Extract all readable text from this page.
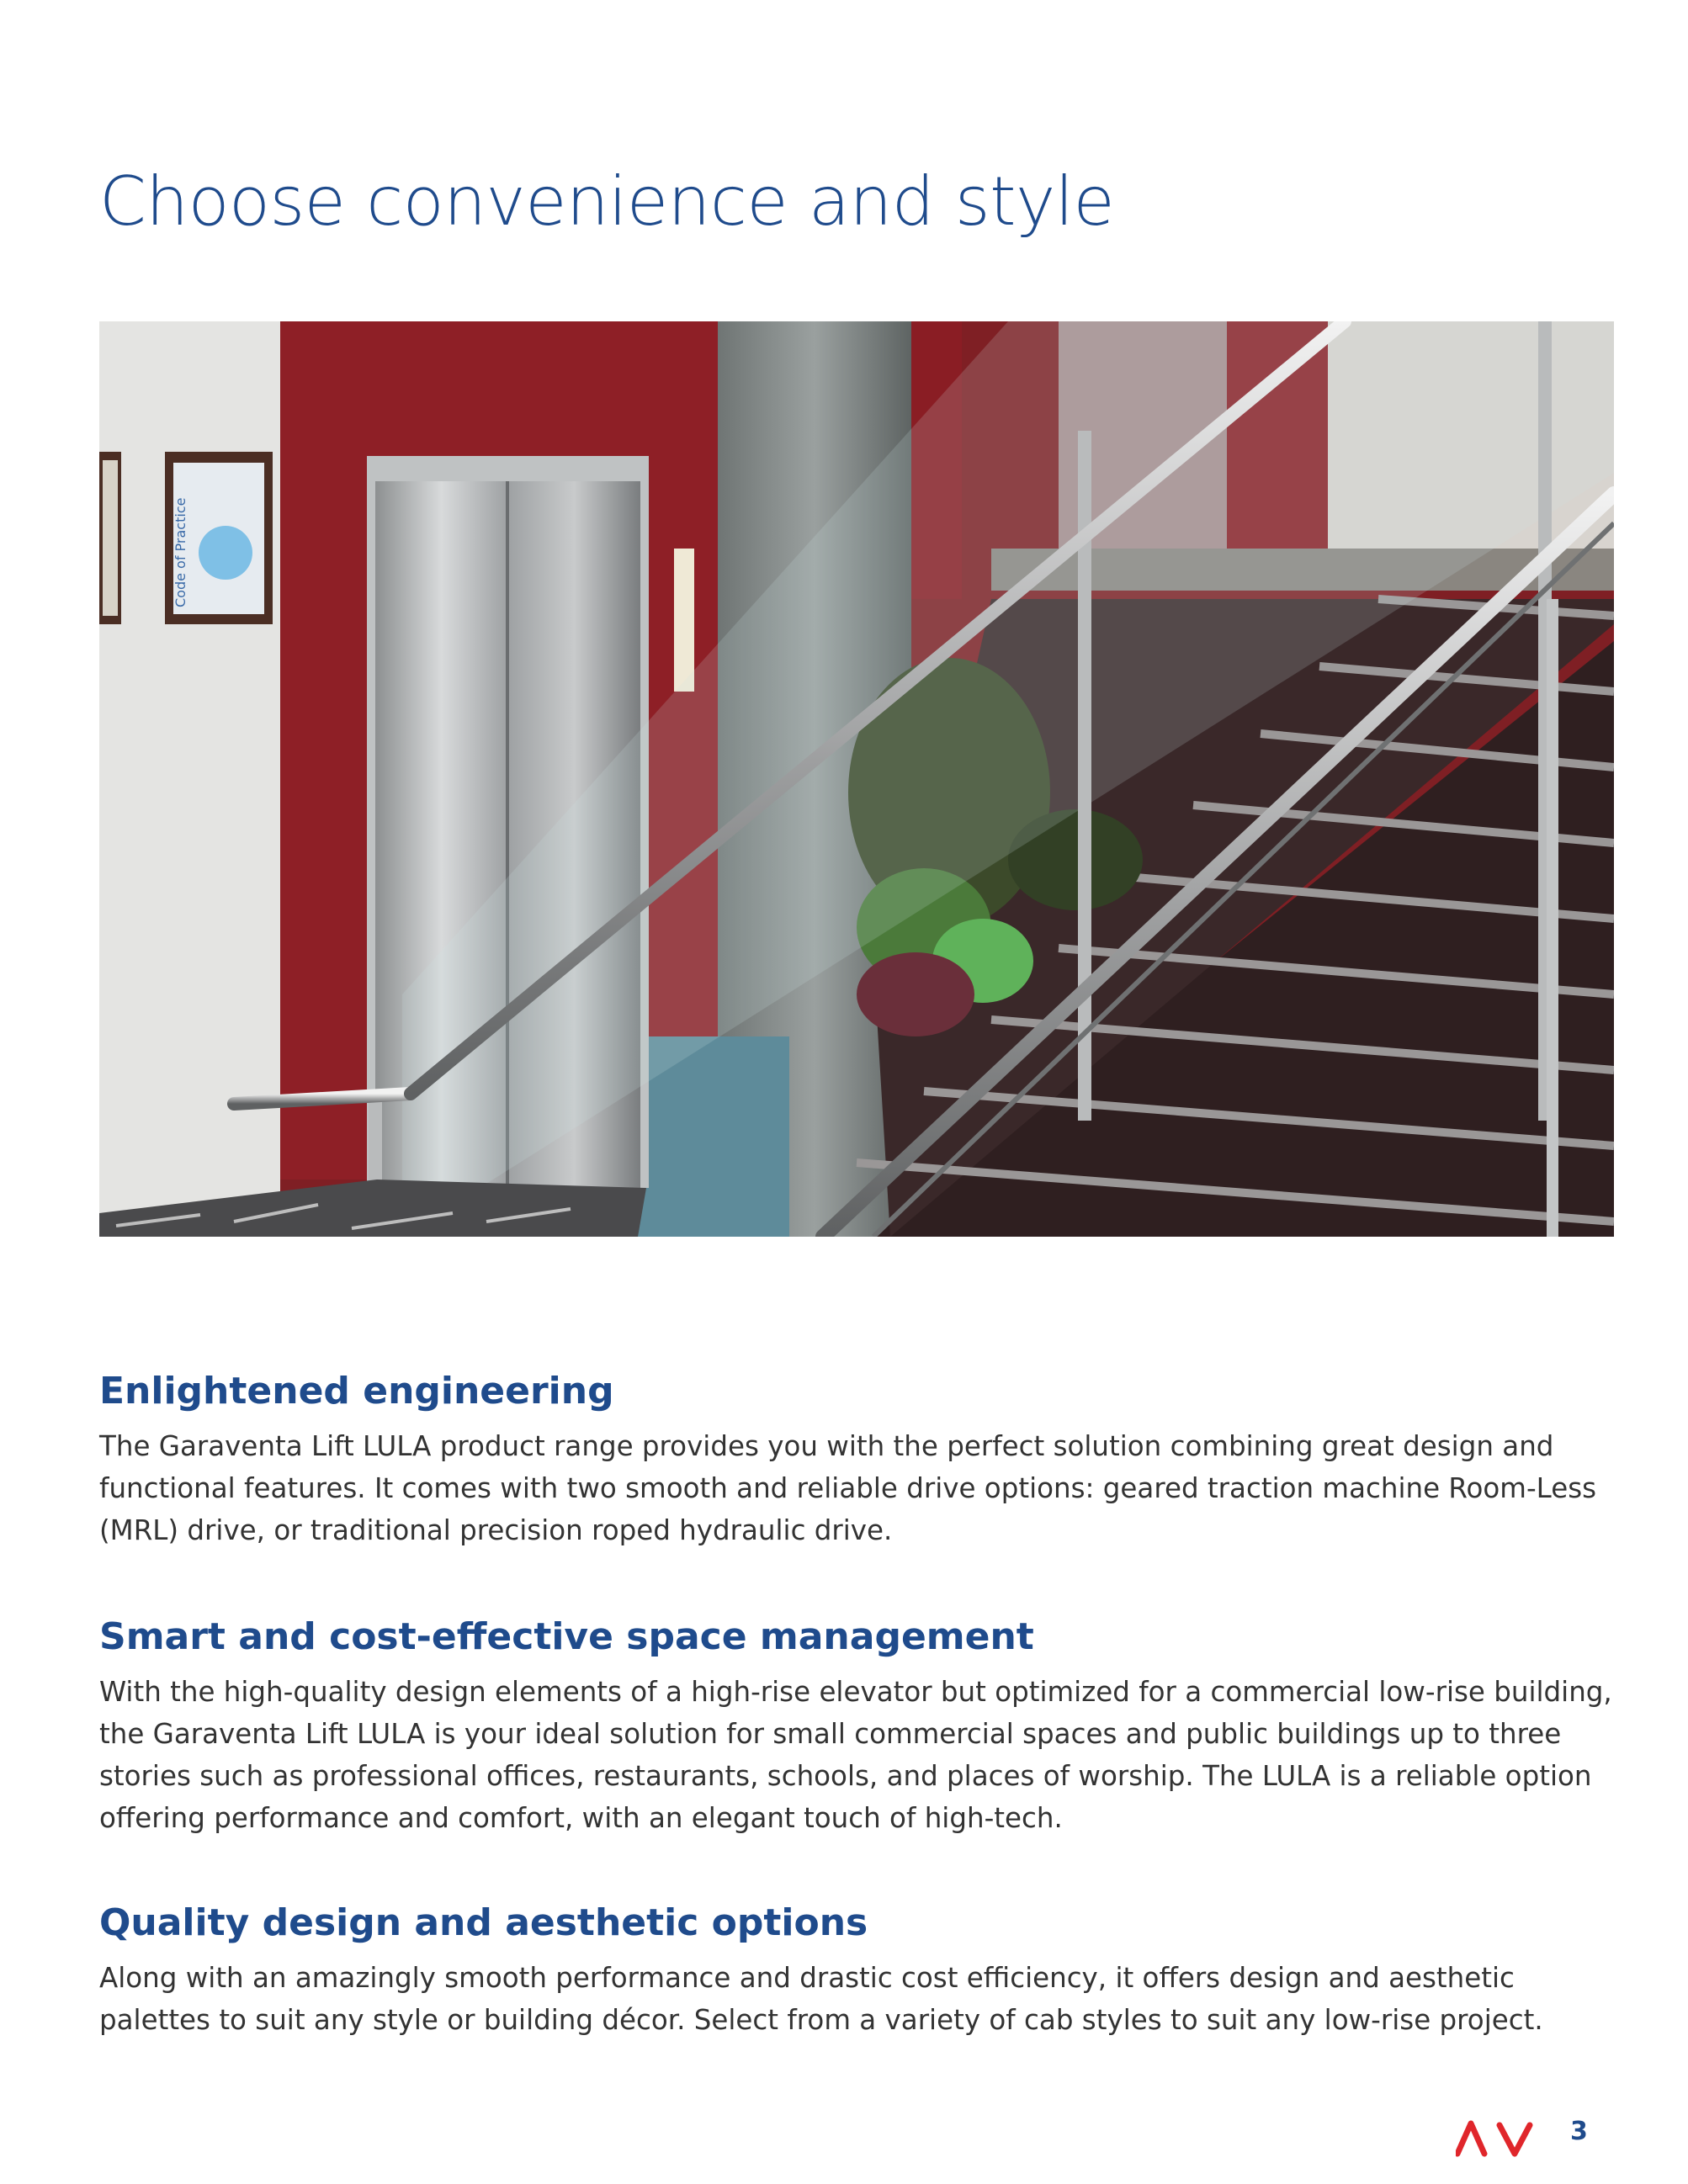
Choose convenience and style
Code of Practice
Enlightened engineering

The Garaventa Lift LULA product range provides you with the perfect solution combining great design and functional features. It comes with two smooth and reliable drive options: geared traction machine Room-Less (MRL) drive, or traditional precision roped hydraulic drive.

Smart and cost-effective space management

With the high-quality design elements of a high-rise elevator but optimized for a commercial low-rise building, the Garaventa Lift LULA is your ideal solution for small commercial spaces and public buildings up to three stories such as professional offices, restaurants, schools, and places of worship. The LULA is a reliable option offering performance and comfort, with an elegant touch of high-tech.

Quality design and aesthetic options

Along with an amazingly smooth performance and drastic cost efficiency, it offers design and aesthetic palettes to suit any style or building décor. Select from a variety of cab styles to suit any low-rise project.

3
